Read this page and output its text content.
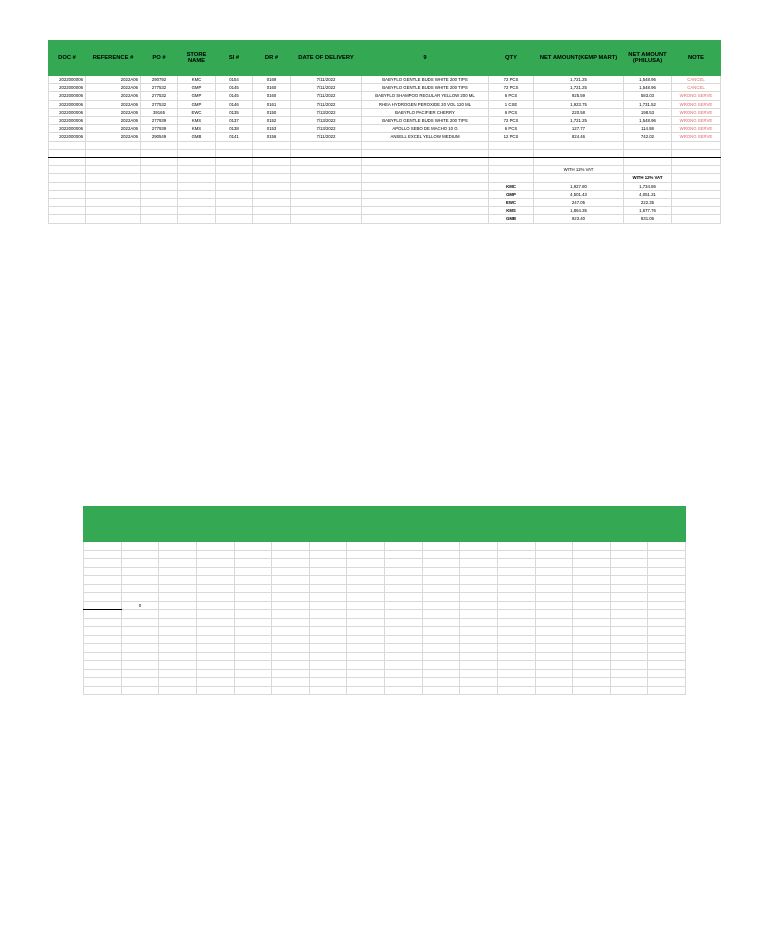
DOC #	REFERENCE #	PO #	STORE NAME	SI #	DR #	DATE OF DELIVERY	9	QTY	NET AMOUNT(KEMP MART)	NET AMOUNT (PHILUSA)	NOTE
2022000006	2022A06	290792	KMC	0154	0169	7/11/2022	BABYFLO GENTLE BUDS WHITE 200 TIPS	72 PCS	1,721.25	1,548.96	CANCEL
2022000006	2022A06	277532	GMP	0145	0160	7/11/2022	BABYFLO GENTLE BUDS WHITE 200 TIPS	72 PCS	1,721.25	1,548.96	CANCEL
2022000006	2022A06	277532	GMP	0145	0160	7/11/2022	BABYFLO SHAMPOO REGULAR YELLOW 200 ML	6 PCS	925.59	583.03	WRONG SERVE
2022000006	2022A06	277532	GMP	0146	0161	7/11/2022	RHEA HYDROGEN PEROXIDE 20 VOL 120 ML	1 CSE	1,923.75	1,731.52	WRONG SERVE
2022000006	2022A06	39165	EWC	0135	0150	7/13/2022	BABYFLO PACIFIER CHERRY	6 PCS	220.58	198.53	WRONG SERVE
2022000006	2022A06	277939	KMS	0137	0152	7/13/2022	BABYFLO GENTLE BUDS WHITE 200 TIPS	72 PCS	1,721.25	1,548.96	WRONG SERVE
2022000006	2022A06	277939	KMS	0138	0153	7/13/2022	APOLLO SEBO DE MACHO 10 G	6 PCS	127.77	114.98	WRONG SERVE
2022000006	2022A06	290549	GMB	0141	0156	7/11/2022	ANSELL EXCEL YELLOW MEDIUM	12 PCS	824.46	742.02	WRONG SERVE

									WITH 12% VAT		
										WITH 12% VAT	
								KMC	1,927.80	1,734.86	
								GMP	4,501.43	4,051.31	
								EWC	247.05	222.35	
								KMS	1,864.35	1,677.76	
								GMB	923.40	831.06	

	0														
